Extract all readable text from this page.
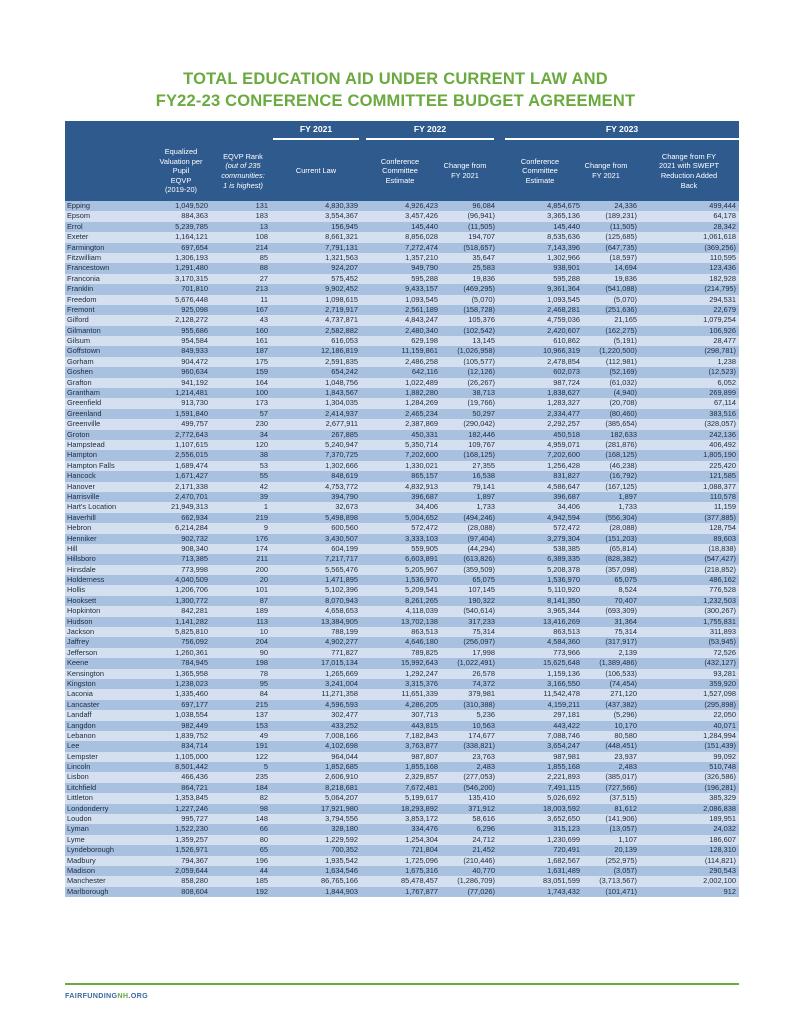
TOTAL EDUCATION AID UNDER CURRENT LAW AND
FY22-23 CONFERENCE COMMITTEE BUDGET AGREEMENT
FY 2021	FY 2022	FY 2023
Equalized
Valuation per
Pupil
EQVP
(2019-20)
EQVP Rank
(out of 235
communities:
1 is highest)
Current Law
Conference
Committee
Estimate
Change from
FY 2021
Conference
Committee
Estimate
Change from
FY 2021
Change from FY
2021 with SWEPT
Reduction Added
Back
Epping	1,049,520	131	4,830,339	4,926,423	96,084	4,854,675	24,336	499,444
Epsom	884,363	183	3,554,367	3,457,426	(96,941)	3,365,136	(189,231)	64,178
Errol	5,239,785	13	156,945	145,440	(11,505)	145,440	(11,505)	28,342
Exeter	1,164,121	108	8,661,321	8,856,028	194,707	8,535,636	(125,685)	1,061,618
Farmington	697,654	214	7,791,131	7,272,474	(518,657)	7,143,396	(647,735)	(369,256)
Fitzwilliam	1,306,193	85	1,321,563	1,357,210	35,647	1,302,966	(18,597)	110,595
Francestown	1,291,480	88	924,207	949,790	25,583	938,901	14,694	123,436
Franconia	3,170,315	27	575,452	595,288	19,836	595,288	19,836	182,928
Franklin	701,810	213	9,902,452	9,433,157	(469,295)	9,361,364	(541,088)	(214,795)
Freedom	5,676,448	11	1,098,615	1,093,545	(5,070)	1,093,545	(5,070)	294,531
Fremont	925,098	167	2,719,917	2,561,189	(158,728)	2,468,281	(251,636)	22,679
Gilford	2,128,272	43	4,737,871	4,843,247	105,376	4,759,036	21,165	1,079,254
Gilmanton	955,686	160	2,582,882	2,480,340	(102,542)	2,420,607	(162,275)	106,926
Gilsum	954,584	161	616,053	629,198	13,145	610,862	(5,191)	28,477
Goffstown	849,933	187	12,186,819	11,159,861	(1,026,958)	10,966,319	(1,220,500)	(298,781)
Gorham	904,472	175	2,591,835	2,486,258	(105,577)	2,478,854	(112,981)	1,238
Goshen	960,634	159	654,242	642,116	(12,126)	602,073	(52,169)	(12,523)
Grafton	941,192	164	1,048,756	1,022,489	(26,267)	987,724	(61,032)	6,052
Grantham	1,214,481	100	1,843,567	1,882,280	38,713	1,838,627	(4,940)	269,899
Greenfield	913,730	173	1,304,035	1,284,269	(19,766)	1,283,327	(20,708)	67,114
Greenland	1,591,840	57	2,414,937	2,465,234	50,297	2,334,477	(80,460)	383,516
Greenville	499,757	230	2,677,911	2,387,869	(290,042)	2,292,257	(385,654)	(328,057)
Groton	2,772,643	34	267,885	450,331	182,446	450,518	182,633	242,136
Hampstead	1,107,615	120	5,240,947	5,350,714	109,767	4,959,071	(281,876)	406,492
Hampton	2,556,015	38	7,370,725	7,202,600	(168,125)	7,202,600	(168,125)	1,805,190
Hampton Falls	1,689,474	53	1,302,666	1,330,021	27,355	1,256,428	(46,238)	225,420
Hancock	1,671,427	55	848,619	865,157	16,538	831,827	(16,792)	121,585
Hanover	2,171,338	42	4,753,772	4,832,913	79,141	4,586,647	(167,125)	1,088,377
Harrisville	2,470,701	39	394,790	396,687	1,897	396,687	1,897	110,578
Hart's Location	21,949,313	1	32,673	34,406	1,733	34,406	1,733	11,159
Haverhill	662,934	219	5,498,898	5,004,652	(494,246)	4,942,594	(556,304)	(377,885)
Hebron	6,214,284	9	600,560	572,472	(28,088)	572,472	(28,088)	128,754
Henniker	902,732	176	3,430,507	3,333,103	(97,404)	3,279,304	(151,203)	89,603
Hill	908,340	174	604,199	559,905	(44,294)	538,385	(65,814)	(18,838)
Hillsboro	713,385	211	7,217,717	6,603,891	(613,826)	6,389,335	(828,382)	(547,427)
Hinsdale	773,998	200	5,565,476	5,205,967	(359,509)	5,208,378	(357,098)	(218,852)
Holderness	4,040,509	20	1,471,895	1,536,970	65,075	1,536,970	65,075	486,162
Hollis	1,206,706	101	5,102,396	5,209,541	107,145	5,110,920	8,524	776,528
Hooksett	1,300,772	87	8,070,943	8,261,265	190,322	8,141,350	70,407	1,232,503
Hopkinton	842,281	189	4,658,653	4,118,039	(540,614)	3,965,344	(693,309)	(300,267)
Hudson	1,141,282	113	13,384,905	13,702,138	317,233	13,416,269	31,364	1,755,831
Jackson	5,825,810	10	788,199	863,513	75,314	863,513	75,314	311,893
Jaffrey	756,092	204	4,902,277	4,646,180	(256,097)	4,584,360	(317,917)	(53,945)
Jefferson	1,260,361	90	771,827	789,825	17,998	773,966	2,139	72,526
Keene	784,945	198	17,015,134	15,992,643	(1,022,491)	15,625,648	(1,389,486)	(432,127)
Kensington	1,365,958	78	1,265,669	1,292,247	26,578	1,159,136	(106,533)	93,281
Kingston	1,238,023	95	3,241,004	3,315,376	74,372	3,166,550	(74,454)	359,920
Laconia	1,335,460	84	11,271,358	11,651,339	379,981	11,542,478	271,120	1,527,098
Lancaster	697,177	215	4,596,593	4,286,205	(310,388)	4,159,211	(437,382)	(295,898)
Landaff	1,038,554	137	302,477	307,713	5,236	297,181	(5,296)	22,050
Langdon	982,449	153	433,252	443,815	10,563	443,422	10,170	40,071
Lebanon	1,839,752	49	7,008,166	7,182,843	174,677	7,088,746	80,580	1,284,994
Lee	834,714	191	4,102,698	3,763,877	(338,821)	3,654,247	(448,451)	(151,439)
Lempster	1,105,000	122	964,044	987,807	23,763	987,981	23,937	99,092
Lincoln	8,501,442	5	1,852,685	1,855,168	2,483	1,855,168	2,483	510,748
Lisbon	466,436	235	2,606,910	2,329,857	(277,053)	2,221,893	(385,017)	(326,586)
Litchfield	864,721	184	8,218,681	7,672,481	(546,200)	7,491,115	(727,566)	(196,281)
Littleton	1,353,845	82	5,064,207	5,199,617	135,410	5,026,692	(37,515)	385,329
Londonderry	1,227,246	98	17,921,980	18,293,892	371,912	18,003,592	81,612	2,086,838
Loudon	995,727	148	3,794,556	3,853,172	58,616	3,652,650	(141,906)	189,951
Lyman	1,522,230	66	328,180	334,476	6,296	315,123	(13,057)	24,032
Lyme	1,359,257	80	1,229,592	1,254,304	24,712	1,230,699	1,107	186,607
Lyndeborough	1,526,971	65	700,352	721,804	21,452	720,491	20,139	128,310
Madbury	794,367	196	1,935,542	1,725,096	(210,446)	1,682,567	(252,975)	(114,821)
Madison	2,059,644	44	1,634,546	1,675,316	40,770	1,631,489	(3,057)	290,543
Manchester	858,280	185	86,765,166	85,478,457	(1,286,709)	83,051,599	(3,713,567)	2,002,100
Marlborough	808,604	192	1,844,903	1,767,877	(77,026)	1,743,432	(101,471)	912
FAIRFUNDINGNH.ORG
